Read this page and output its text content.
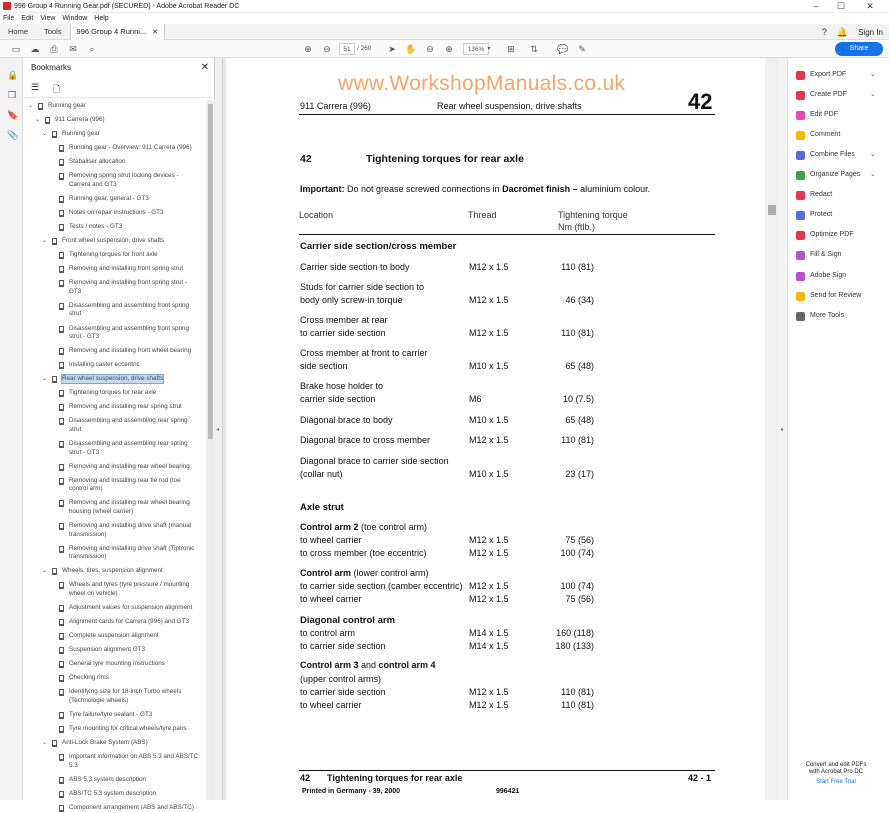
996 Group 4 Running Gear.pdf (SECURED) - Adobe Acrobat Reader DC	–	☐	✕
File Edit View Window Help
Home	Tools	996 Group 4 Runni... ✕	? 🔔 Sign In
▭ ☁ ⎙ ✉	⌕	⊕ ⊖	51 / 260 ➤ ✋ ⊖ ⊕	136% ▾	⊞	⇅ 💬 ✎	Share
🔒
❐
🔖
📎
Bookmarks	✕
☰ 🗋
⌄ Running gear
⌄ 911 Carrera (996)
⌄ Running gear
Running gear - Overview: 911 Carrera (996)
Stabaliser allocation
Removing spring strut locking devices -
Carrera and GT3
Running gear, general - GT3
Notes on repair instructions - GT3
Tests / notes - GT3
⌄ Front wheel suspension, drive shafts
Tightening torques for front axle
Removing and installing front spring strut
Removing and installing front spring strut -
GT3
Disassembling and assembling front spring
strut
Disassembling and assembling front spring
strut - GT3
Removing and installing front wheel bearing
Installing caster eccentric
⌄ Rear wheel suspension, drive shafts
Tightening torques for rear axle
Removing and installing rear spring strut
Disassembling and assembling rear spring
strut
Disassembling and assembling rear spring
strut - GT3
Removing and installing rear wheel bearing
Removing and installing rear tie rod (toe
control arm)
Removing and installing rear wheel bearing
housing (wheel carrier)
Removing and installing drive shaft (manual
transmission)
Removing and installing drive shaft (Tiptronic
transmission)
⌄ Wheels, tires, suspension alignment
Wheels and tyres (tyre pressure / mounting
wheel on vehicle)
Adjustment values for suspension alignment
Alignment cards for Carrera (996) and GT3
Complete suspension alignment
Suspension alignment GT3
General tyre mounting instructions
Checking rims
Identifying size for 18-inch Turbo wheels
(Technologie wheels)
Tyre failure/tyre sealant - GT3
Tyre mounting for critical wheels/tyre pairs
⌄ Anti-Lock Brake System (ABS)
Important information on ABS 5.3 and ABS/TC
5.3
ABS 5.3 system description
ABS/TC 5.3 system description
Component arrangement (ABS and ABS/TC)
◂
www.WorkshopManuals.co.uk
911 Carrera (996)	Rear wheel suspension, drive shafts	42
42	Tightening torques for rear axle
Important: Do not grease screwed connections in Dacromet finish – aluminium colour.
Location	Thread	Tightening torque
Nm (ftlb.)
Carrier side section/cross member
Carrier side section to body	M12 x 1.5	110 (81)
Studs for carrier side section to
body only screw-in torque	M12 x 1.5	46 (34)
Cross member at rear
to carrier side section	M12 x 1.5	110 (81)
Cross member at front to carrier
side section	M10 x 1.5	65 (48)
Brake hose holder to
carrier side section	M6	10 (7.5)
Diagonal brace to body	M10 x 1.5	65 (48)
Diagonal brace to cross member	M12 x 1.5	110 (81)
Diagonal brace to carrier side section
(collar nut)	M10 x 1.5	23 (17)
Axle strut
Control arm 2 (toe control arm)
to wheel carrier	M12 x 1.5	75 (56)
to cross member (toe eccentric)	M12 x 1.5	100 (74)
Control arm (lower control arm)
to carrier side section (camber eccentric) M12 x 1.5	100 (74)
to wheel carrier	M12 x 1.5	75 (56)
Diagonal control arm
to control arm	M14 x 1.5	160 (118)
to carrier side section	M14 x 1.5	180 (133)
Control arm 3 and control arm 4
(upper control arms)
to carrier side section	M12 x 1.5	110 (81)
to wheel carrier	M12 x 1.5	110 (81)
42 Tightening torques for rear axle	42 - 1
Printed in Germany - 39, 2000	996421
▸
Export PDF	⌄
Create PDF	⌄
Edit PDF
Comment
Combine Files ⌄
Organize Pages ⌄
Redact
Protect
Optimize PDF
Fill & Sign
Adobe Sign
Send for Review
More Tools
Convert and edit PDFs
with Acrobat Pro DC
Start Free Trial
